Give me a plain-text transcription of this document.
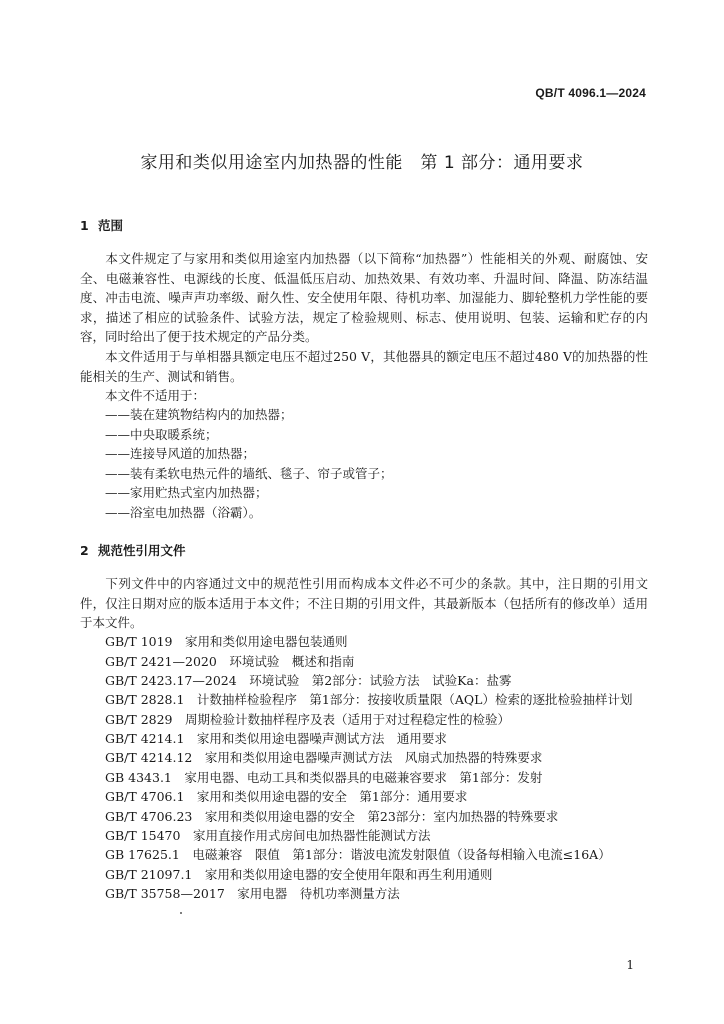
QB/T 4096.1—2024
家用和类似用途室内加热器的性能　第 1 部分：通用要求
1 范围
本文件规定了与家用和类似用途室内加热器（以下简称“加热器”）性能相关的外观、耐腐蚀、安全、电磁兼容性、电源线的长度、低温低压启动、加热效果、有效功率、升温时间、降温、防冻结温度、冲击电流、噪声声功率级、耐久性、安全使用年限、待机功率、加湿能力、脚轮整机力学性能的要求，描述了相应的试验条件、试验方法，规定了检验规则、标志、使用说明、包装、运输和贮存的内容，同时给出了便于技术规定的产品分类。
本文件适用于与单相器具额定电压不超过250 V，其他器具的额定电压不超过480 V的加热器的性能相关的生产、测试和销售。
本文件不适用于：
——装在建筑物结构内的加热器；
——中央取暖系统；
——连接导风道的加热器；
——装有柔软电热元件的墙纸、毯子、帘子或管子；
——家用贮热式室内加热器；
——浴室电加热器（浴霸）。
2 规范性引用文件
下列文件中的内容通过文中的规范性引用而构成本文件必不可少的条款。其中，注日期的引用文件，仅注日期对应的版本适用于本文件；不注日期的引用文件，其最新版本（包括所有的修改单）适用于本文件。
GB/T 1019　家用和类似用途电器包装通则
GB/T 2421—2020　环境试验　概述和指南
GB/T 2423.17—2024　环境试验　第2部分：试验方法　试验Ka：盐雾
GB/T 2828.1　计数抽样检验程序　第1部分：按接收质量限（AQL）检索的逐批检验抽样计划
GB/T 2829　周期检验计数抽样程序及表（适用于对过程稳定性的检验）
GB/T 4214.1　家用和类似用途电器噪声测试方法　通用要求
GB/T 4214.12　家用和类似用途电器噪声测试方法　风扇式加热器的特殊要求
GB 4343.1　家用电器、电动工具和类似器具的电磁兼容要求　第1部分：发射
GB/T 4706.1　家用和类似用途电器的安全　第1部分：通用要求
GB/T 4706.23　家用和类似用途电器的安全　第23部分：室内加热器的特殊要求
GB/T 15470　家用直接作用式房间电加热器性能测试方法
GB 17625.1　电磁兼容　限值　第1部分：谐波电流发射限值（设备每相输入电流≤16A）
GB/T 21097.1　家用和类似用途电器的安全使用年限和再生利用通则
GB/T 35758—2017　家用电器　待机功率测量方法
1
